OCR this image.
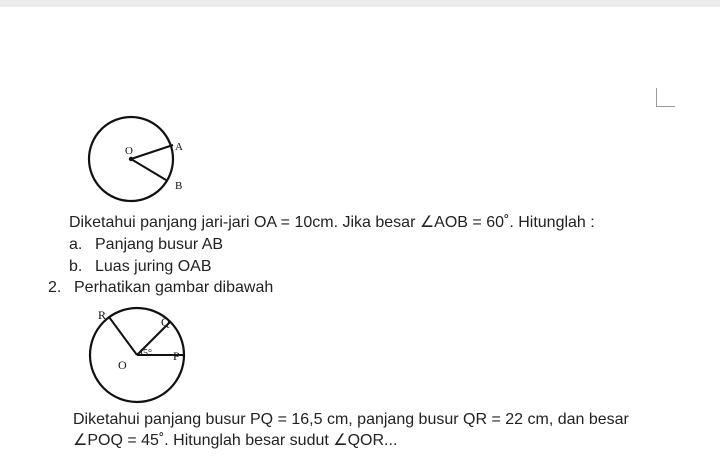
O	A
B
Diketahui panjang jari-jari OA = 10cm. Jika besar ∠AOB = 60˚. Hitunglah :
a. Panjang busur AB
b. Luas juring OAB
2. Perhatikan gambar dibawah
R	Q
P
O
45°
Diketahui panjang busur PQ = 16,5 cm, panjang busur QR = 22 cm, dan besar
∠POQ = 45˚. Hitunglah besar sudut ∠QOR...
